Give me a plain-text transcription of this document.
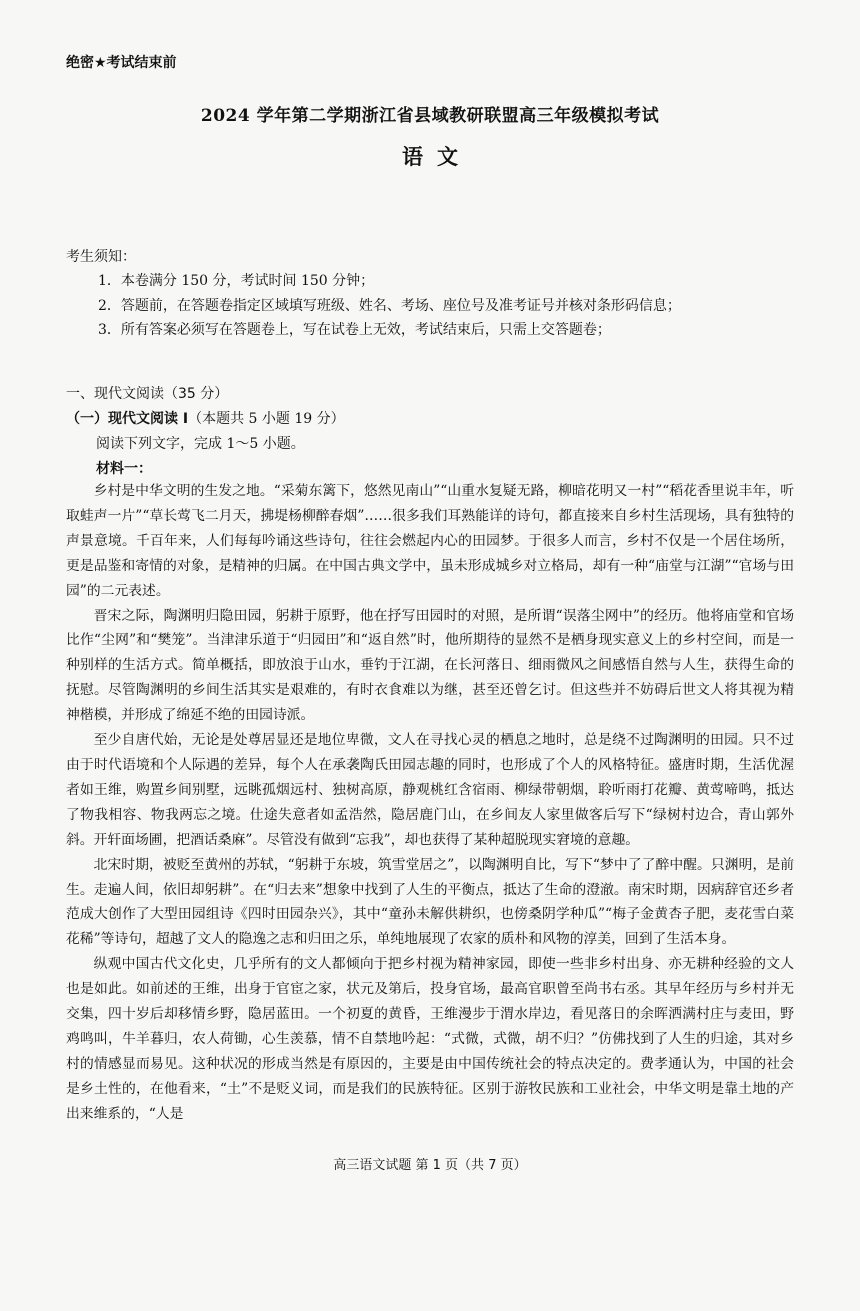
绝密★考试结束前
2024 学年第二学期浙江省县域教研联盟高三年级模拟考试
语文
考生须知：
1．本卷满分 150 分，考试时间 150 分钟；
2．答题前，在答题卷指定区域填写班级、姓名、考场、座位号及准考证号并核对条形码信息；
3．所有答案必须写在答题卷上，写在试卷上无效，考试结束后，只需上交答题卷；
一、现代文阅读（35 分）
（一）现代文阅读 I（本题共 5 小题 19 分）
阅读下列文字，完成 1～5 小题。
材料一：

乡村是中华文明的生发之地。“采菊东篱下，悠然见南山”“山重水复疑无路，柳暗花明又一村”“稻花香里说丰年，听取蛙声一片”“草长莺飞二月天，拂堤杨柳醉春烟”……很多我们耳熟能详的诗句，都直接来自乡村生活现场，具有独特的声景意境。千百年来，人们每每吟诵这些诗句，往往会燃起内心的田园梦。于很多人而言，乡村不仅是一个居住场所，更是品鉴和寄情的对象，是精神的归属。在中国古典文学中，虽未形成城乡对立格局，却有一种“庙堂与江湖”“官场与田园”的二元表述。

晋宋之际，陶渊明归隐田园，躬耕于原野，他在抒写田园时的对照，是所谓“误落尘网中”的经历。他将庙堂和官场比作“尘网”和“樊笼”。当津津乐道于“归园田”和“返自然”时，他所期待的显然不是栖身现实意义上的乡村空间，而是一种别样的生活方式。简单概括，即放浪于山水，垂钓于江湖，在长河落日、细雨微风之间感悟自然与人生，获得生命的抚慰。尽管陶渊明的乡间生活其实是艰难的，有时衣食难以为继，甚至还曾乞讨。但这些并不妨碍后世文人将其视为精神楷模，并形成了绵延不绝的田园诗派。

至少自唐代始，无论是处尊居显还是地位卑微，文人在寻找心灵的栖息之地时，总是绕不过陶渊明的田园。只不过由于时代语境和个人际遇的差异，每个人在承袭陶氏田园志趣的同时，也形成了个人的风格特征。盛唐时期，生活优渥者如王维，购置乡间别墅，远眺孤烟远村、独树高原，静观桃红含宿雨、柳绿带朝烟，聆听雨打花瓣、黄莺啼鸣，抵达了物我相容、物我两忘之境。仕途失意者如孟浩然，隐居鹿门山，在乡间友人家里做客后写下“绿树村边合，青山郭外斜。开轩面场圃，把酒话桑麻”。尽管没有做到“忘我”，却也获得了某种超脱现实窘境的意趣。

北宋时期，被贬至黄州的苏轼，“躬耕于东坡，筑雪堂居之”，以陶渊明自比，写下“梦中了了醉中醒。只渊明，是前生。走遍人间，依旧却躬耕”。在“归去来”想象中找到了人生的平衡点，抵达了生命的澄澈。南宋时期，因病辞官还乡者范成大创作了大型田园组诗《四时田园杂兴》，其中“童孙未解供耕织，也傍桑阴学种瓜”“梅子金黄杏子肥，麦花雪白菜花稀”等诗句，超越了文人的隐逸之志和归田之乐，单纯地展现了农家的质朴和风物的淳美，回到了生活本身。

纵观中国古代文化史，几乎所有的文人都倾向于把乡村视为精神家园，即使一些非乡村出身、亦无耕种经验的文人也是如此。如前述的王维，出身于官宦之家，状元及第后，投身官场，最高官职曾至尚书右丞。其早年经历与乡村并无交集，四十岁后却移情乡野，隐居蓝田。一个初夏的黄昏，王维漫步于渭水岸边，看见落日的余晖洒满村庄与麦田，野鸡鸣叫，牛羊暮归，农人荷锄，心生羡慕，情不自禁地吟起：“式微，式微，胡不归？”仿佛找到了人生的归途，其对乡村的情感显而易见。这种状况的形成当然是有原因的，主要是由中国传统社会的特点决定的。费孝通认为，中国的社会是乡土性的，在他看来，“土”不是贬义词，而是我们的民族特征。区别于游牧民族和工业社会，中华文明是靠土地的产出来维系的，“人是

高三语文试题 第 1 页（共 7 页）
